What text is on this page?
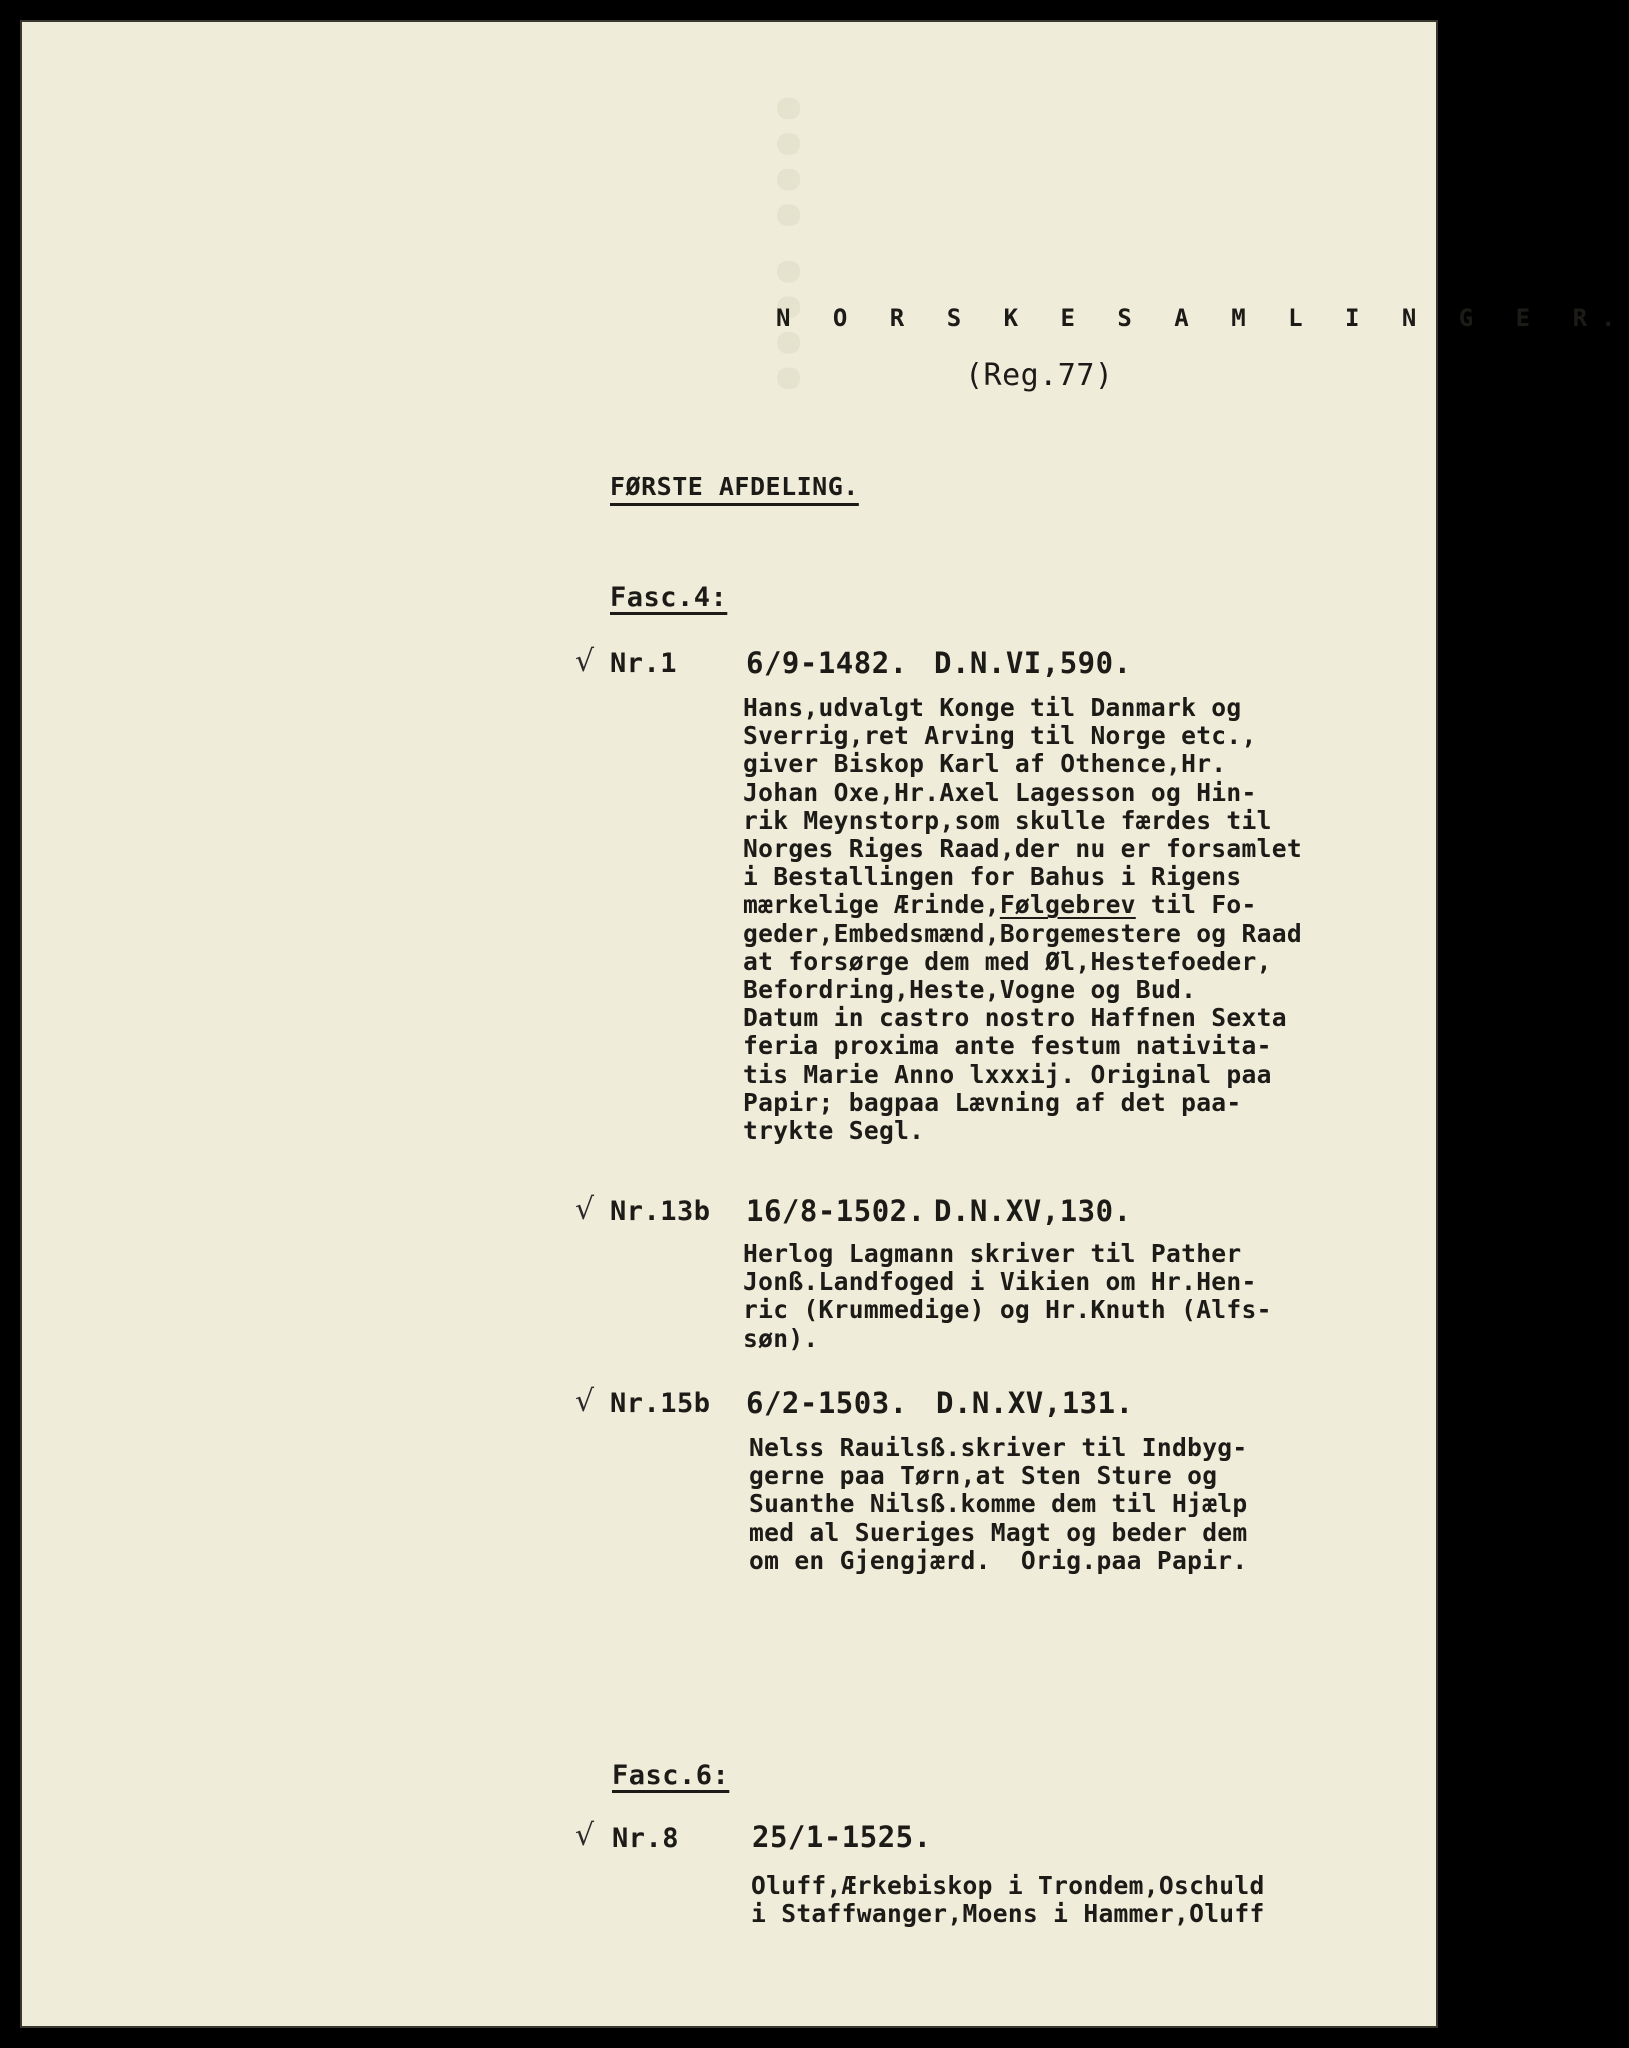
᠁᠁
N O R S K E S A M L I N G E R.
(Reg.77)
FØRSTE AFDELING.
Fasc.4:
√ Nr.1 6/9-1482. D.N.VI,590.
Hans,udvalgt Konge til Danmark og
Sverrig,ret Arving til Norge etc.,
giver Biskop Karl af Othence,Hr.
Johan Oxe,Hr.Axel Lagesson og Hin-
rik Meynstorp,som skulle færdes til
Norges Riges Raad,der nu er forsamlet
i Bestallingen for Bahus i Rigens
mærkelige Ærinde,Følgebrev til Fo-
geder,Embedsmænd,Borgemestere og Raad
at forsørge dem med Øl,Hestefoeder,
Befordring,Heste,Vogne og Bud.
Datum in castro nostro Haffnen Sexta
feria proxima ante festum nativita-
tis Marie Anno lxxxij. Original paa
Papir; bagpaa Lævning af det paa-
trykte Segl.
√ Nr.13b 16/8-1502. D.N.XV,130.
Herlog Lagmann skriver til Pather
Jonß.Landfoged i Vikien om Hr.Hen-
ric (Krummedige) og Hr.Knuth (Alfs-
søn).
√ Nr.15b 6/2-1503. D.N.XV,131.
Nelss Rauilsß.skriver til Indbyg-
gerne paa Tørn,at Sten Sture og
Suanthe Nilsß.komme dem til Hjælp
med al Sueriges Magt og beder dem
om en Gjengjærd.  Orig.paa Papir.
Fasc.6:
√ Nr.8	25/1-1525.
Oluff,Ærkebiskop i Trondem,Oschuld
i Staffwanger,Moens i Hammer,Oluff
